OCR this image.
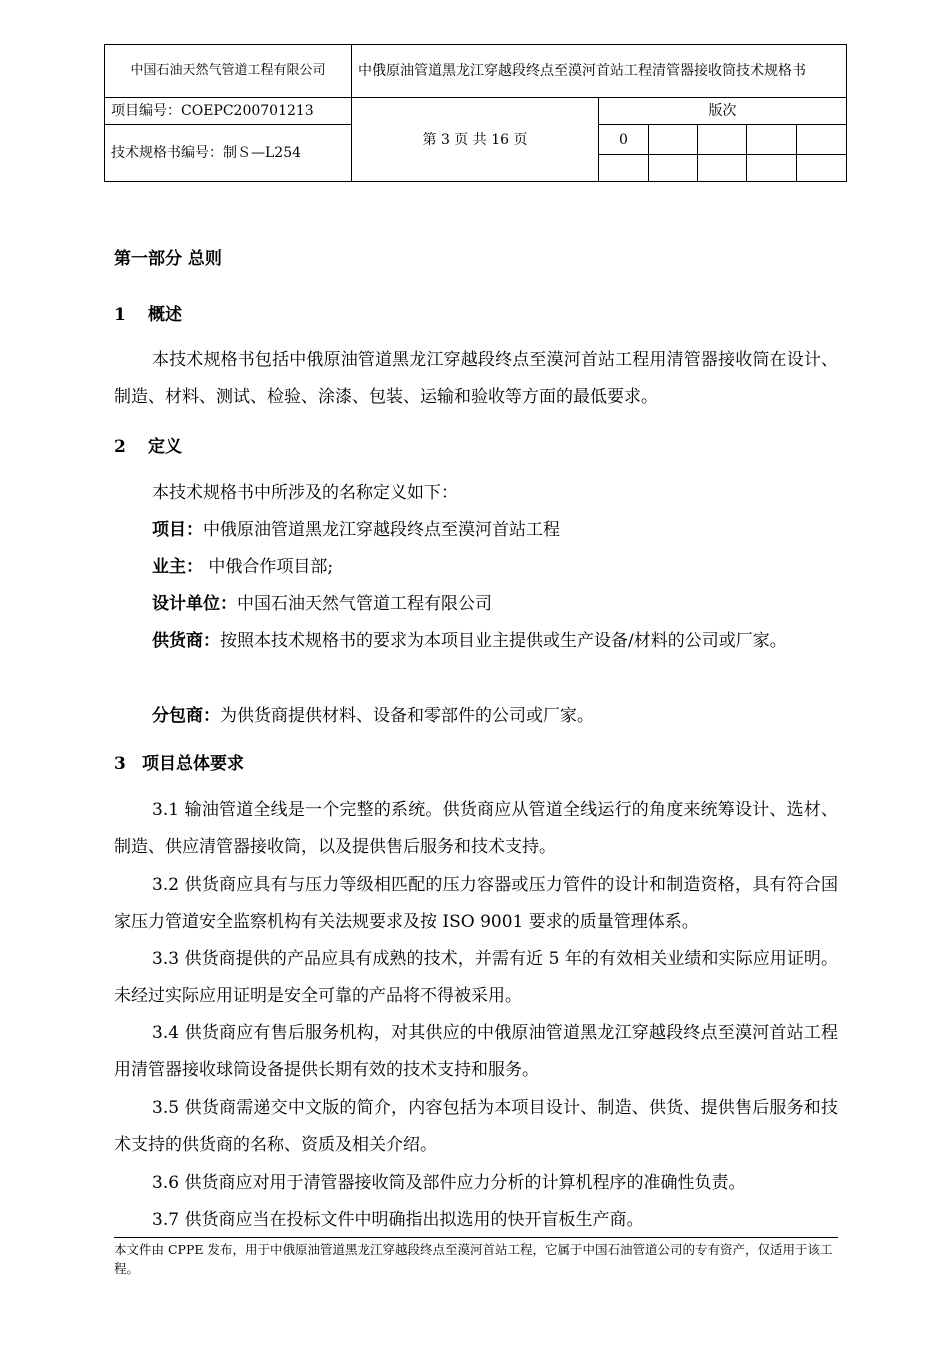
中国石油天然气管道工程有限公司	中俄原油管道黑龙江穿越段终点至漠河首站工程清管器接收筒技术规格书					
项目编号：COEPC200701213	第 3 页 共 16 页	版次				
技术规格书编号：制Ｓ—L254		0				

第一部分 总则
1 概述
本技术规格书包括中俄原油管道黑龙江穿越段终点至漠河首站工程用清管器接收筒在设计、制造、材料、测试、检验、涂漆、包装、运输和验收等方面的最低要求。
2 定义
本技术规格书中所涉及的名称定义如下：
项目：中俄原油管道黑龙江穿越段终点至漠河首站工程
业主： 中俄合作项目部;
设计单位：中国石油天然气管道工程有限公司
供货商：按照本技术规格书的要求为本项目业主提供或生产设备/材料的公司或厂家。
分包商：为供货商提供材料、设备和零部件的公司或厂家。
3 项目总体要求
3.1 输油管道全线是一个完整的系统。供货商应从管道全线运行的角度来统筹设计、选材、制造、供应清管器接收筒，以及提供售后服务和技术支持。
3.2 供货商应具有与压力等级相匹配的压力容器或压力管件的设计和制造资格，具有符合国家压力管道安全监察机构有关法规要求及按 ISO 9001 要求的质量管理体系。
3.3 供货商提供的产品应具有成熟的技术，并需有近 5 年的有效相关业绩和实际应用证明。未经过实际应用证明是安全可靠的产品将不得被采用。
3.4 供货商应有售后服务机构，对其供应的中俄原油管道黑龙江穿越段终点至漠河首站工程用清管器接收球筒设备提供长期有效的技术支持和服务。
3.5 供货商需递交中文版的简介，内容包括为本项目设计、制造、供货、提供售后服务和技术支持的供货商的名称、资质及相关介绍。
3.6 供货商应对用于清管器接收筒及部件应力分析的计算机程序的准确性负责。
3.7 供货商应当在投标文件中明确指出拟选用的快开盲板生产商。
本文件由 CPPE 发布，用于中俄原油管道黑龙江穿越段终点至漠河首站工程，它属于中国石油管道公司的专有资产，仅适用于该工程。
